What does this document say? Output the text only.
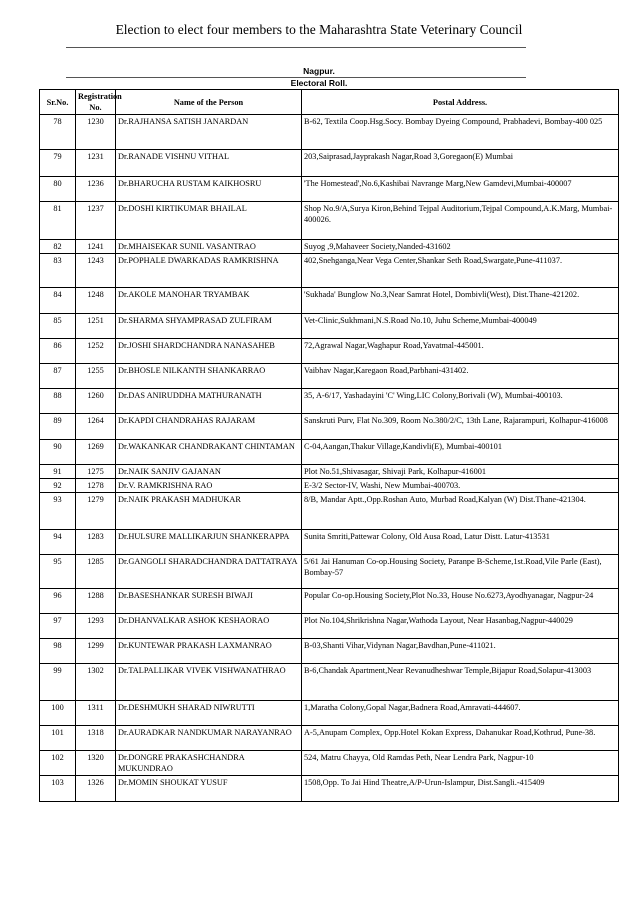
Election to elect four members to the Maharashtra State Veterinary Council
Nagpur.
Electoral Roll.
Sr.No.	Registration No.	Name of the Person	Postal Address.
78	1230	Dr.RAJHANSA SATISH JANARDAN	B-62, Textila Coop.Hsg.Socy. Bombay Dyeing Compound, Prabhadevi, Bombay-400 025
79	1231	Dr.RANADE VISHNU VITHAL	203,Saiprasad,Jayprakash Nagar,Road 3,Goregaon(E) Mumbai
80	1236	Dr.BHARUCHA RUSTAM KAIKHOSRU	'The Homestead',No.6,Kashibai Navrange Marg,New Gamdevi,Mumbai-400007
81	1237	Dr.DOSHI KIRTIKUMAR BHAILAL	Shop No.9/A,Surya Kiron,Behind Tejpal Auditorium,Tejpal Compound,A.K.Marg, Mumbai-400026.
82	1241	Dr.MHAISEKAR SUNIL VASANTRAO	Suyog ,9,Mahaveer Society,Nanded-431602
83	1243	Dr.POPHALE DWARKADAS RAMKRISHNA	402,Snehganga,Near Vega Center,Shankar Seth Road,Swargate,Pune-411037.
84	1248	Dr.AKOLE MANOHAR TRYAMBAK	'Sukhada' Bunglow No.3,Near Samrat Hotel, Dombivli(West), Dist.Thane-421202.
85	1251	Dr.SHARMA SHYAMPRASAD ZULFIRAM	Vet-Clinic,Sukhmani,N.S.Road No.10, Juhu Scheme,Mumbai-400049
86	1252	Dr.JOSHI SHARDCHANDRA NANASAHEB	72,Agrawal Nagar,Waghapur Road,Yavatmal-445001.
87	1255	Dr.BHOSLE NILKANTH SHANKARRAO	Vaibhav Nagar,Karegaon Road,Parbhani-431402.
88	1260	Dr.DAS ANIRUDDHA MATHURANATH	35, A-6/17, Yashadayini 'C' Wing,LIC Colony,Borivali (W), Mumbai-400103.
89	1264	Dr.KAPDI CHANDRAHAS RAJARAM	Sanskruti Purv, Flat No.309, Room No.380/2/C, 13th Lane, Rajarampuri, Kolhapur-416008
90	1269	Dr.WAKANKAR CHANDRAKANT CHINTAMAN	C-04,Aangan,Thakur Village,Kandivli(E), Mumbai-400101
91	1275	Dr.NAIK SANJIV GAJANAN	Plot No.51,Shivasagar, Shivaji Park, Kolhapur-416001
92	1278	Dr.V. RAMKRISHNA RAO	E-3/2 Sector-IV, Washi, New Mumbai-400703.
93	1279	Dr.NAIK PRAKASH MADHUKAR	8/B, Mandar Aptt.,Opp.Roshan Auto, Murbad Road,Kalyan (W) Dist.Thane-421304.
94	1283	Dr.HULSURE MALLIKARJUN SHANKERAPPA	Sunita Smriti,Pattewar Colony, Old Ausa Road, Latur Distt. Latur-413531
95	1285	Dr.GANGOLI SHARADCHANDRA DATTATRAYA	5/61 Jai Hanuman Co-op.Housing Society, Paranpe B-Scheme,1st.Road,Vile Parle (East), Bombay-57
96	1288	Dr.BASESHANKAR SURESH BIWAJI	Popular Co-op.Housing Society,Plot No.33, House No.6273,Ayodhyanagar, Nagpur-24
97	1293	Dr.DHANVALKAR ASHOK KESHAORAO	Plot No.104,Shrikrishna Nagar,Wathoda Layout, Near Hasanbag,Nagpur-440029
98	1299	Dr.KUNTEWAR PRAKASH LAXMANRAO	B-03,Shanti Vihar,Vidynan Nagar,Bavdhan,Pune-411021.
99	1302	Dr.TALPALLIKAR VIVEK VISHWANATHRAO	B-6,Chandak Apartment,Near Revanudheshwar Temple,Bijapur Road,Solapur-413003
100	1311	Dr.DESHMUKH SHARAD NIWRUTTI	1,Maratha Colony,Gopal Nagar,Badnera Road,Amravati-444607.
101	1318	Dr.AURADKAR NANDKUMAR NARAYANRAO	A-5,Anupam Complex, Opp.Hotel Kokan Express, Dahanukar Road,Kothrud, Pune-38.
102	1320	Dr.DONGRE PRAKASHCHANDRA MUKUNDRAO	524, Matru Chayya, Old Ramdas Peth, Near Lendra Park, Nagpur-10
103	1326	Dr.MOMIN SHOUKAT YUSUF	1508,Opp. To Jai Hind Theatre,A/P-Urun-Islampur, Dist.Sangli.-415409
